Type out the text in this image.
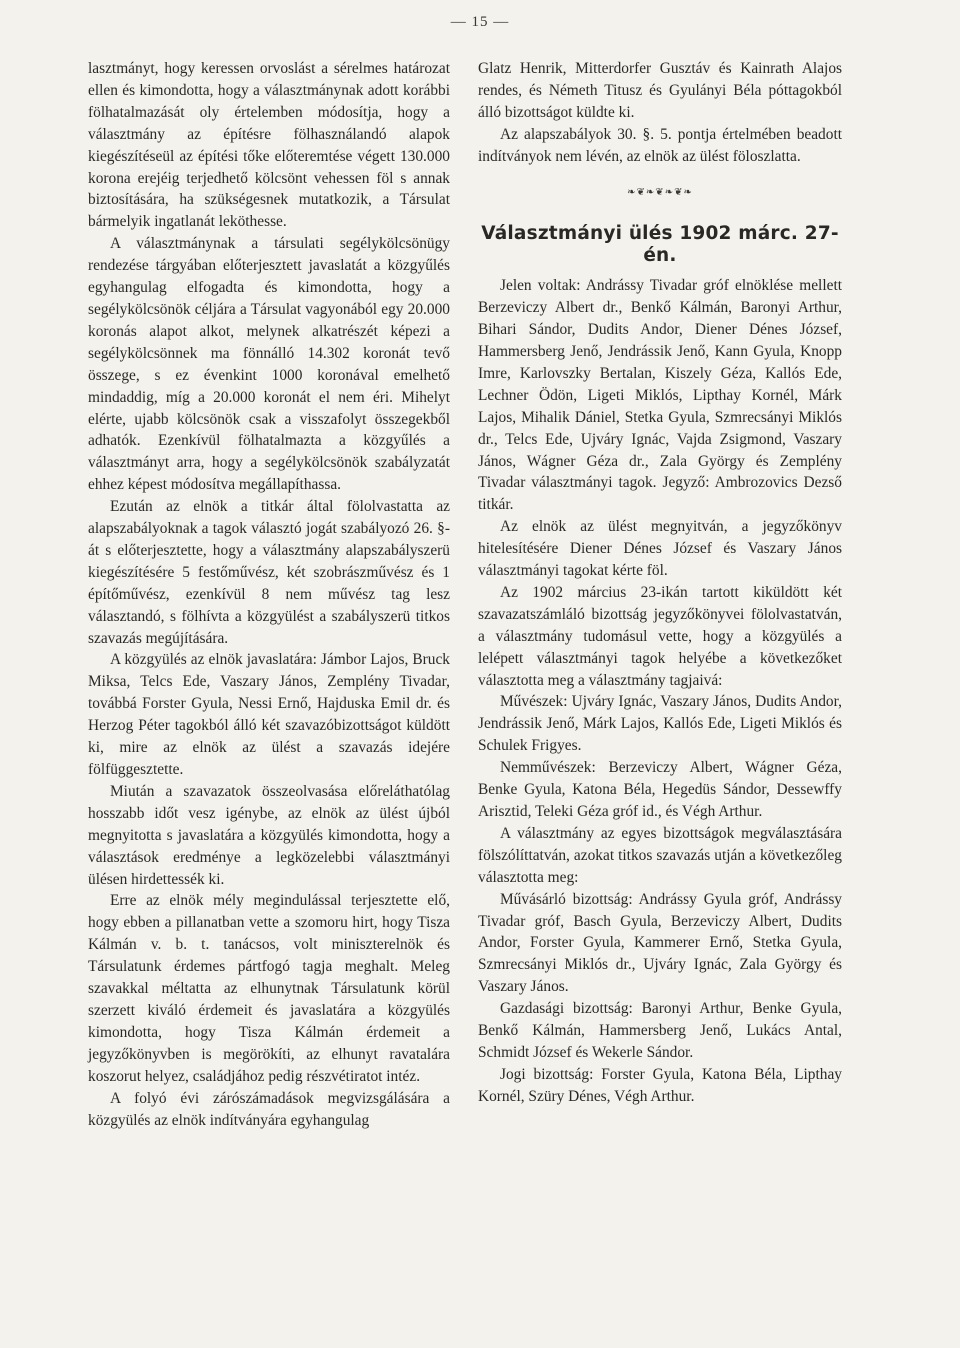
— 15 —

lasztmányt, hogy keressen orvoslást a sérelmes határozat ellen és kimondotta, hogy a választmánynak adott korábbi fölhatalmazását oly értelemben módosítja, hogy a választmány az építésre fölhasználandó alapok kiegészítéseül az építési tőke előteremtése végett 130.000 korona erejéig terjedhető kölcsönt vehessen föl s annak biztosítására, ha szükségesnek mutatkozik, a Társulat bármelyik ingatlanát leköthesse.

A választmánynak a társulati segélykölcsönügy rendezése tárgyában előterjesztett javaslatát a közgyűlés egyhangulag elfogadta és kimondotta, hogy a segélykölcsönök céljára a Társulat vagyonából egy 20.000 koronás alapot alkot, melynek alkatrészét képezi a segélykölcsönnek ma fönnálló 14.302 koronát tevő összege, s ez évenkint 1000 koronával emelhető mindaddig, míg a 20.000 koronát el nem éri. Mihelyt elérte, ujabb kölcsönök csak a visszafolyt összegekből adhatók. Ezenkívül fölhatalmazta a közgyűlés a választmányt arra, hogy a segélykölcsönök szabályzatát ehhez képest módosítva megállapíthassa.

Ezután az elnök a titkár által fölolvastatta az alapszabályoknak a tagok választó jogát szabályozó 26. §-át s előterjesztette, hogy a választmány alapszabályszerü kiegészítésére 5 festőművész, két szobrászművész és 1 építőművész, ezenkívül 8 nem művész tag lesz választandó, s fölhívta a közgyülést a szabályszerü titkos szavazás megújítására.

A közgyülés az elnök javaslatára: Jámbor Lajos, Bruck Miksa, Telcs Ede, Vaszary János, Zemplény Tivadar, továbbá Forster Gyula, Nessi Ernő, Hajduska Emil dr. és Herzog Péter tagokból álló két szavazóbizottságot küldött ki, mire az elnök az ülést a szavazás idejére fölfüggesztette.

Miután a szavazatok összeolvasása előreláthatólag hosszabb időt vesz igénybe, az elnök az ülést újból megnyitotta s javaslatára a közgyülés kimondotta, hogy a választások eredménye a legközelebbi választmányi ülésen hirdettessék ki.

Erre az elnök mély megindulással terjesztette elő, hogy ebben a pillanatban vette a szomoru hirt, hogy Tisza Kálmán v. b. t. tanácsos, volt miniszterelnök és Társulatunk érdemes pártfogó tagja meghalt. Meleg szavakkal méltatta az elhunytnak Társulatunk körül szerzett kiváló érdemeit és javaslatára a közgyülés kimondotta, hogy Tisza Kálmán érdemeit a jegyzőkönyvben is megörökíti, az elhunyt ravatalára koszorut helyez, családjához pedig részvétiratot intéz.

A folyó évi zárószámadások megvizsgálására a közgyülés az elnök indítványára egyhangulag

Glatz Henrik, Mitterdorfer Gusztáv és Kainrath Alajos rendes, és Németh Titusz és Gyulányi Béla póttagokból álló bizottságot küldte ki.

Az alapszabályok 30. §. 5. pontja értelmében beadott indítványok nem lévén, az elnök az ülést föloszlatta.

❧❦❧❦❧❦❧
Választmányi ülés 1902 márc. 27-én.

Jelen voltak: Andrássy Tivadar gróf elnöklése mellett Berzeviczy Albert dr., Benkő Kálmán, Baronyi Arthur, Bihari Sándor, Dudits Andor, Diener Dénes József, Hammersberg Jenő, Jendrássik Jenő, Kann Gyula, Knopp Imre, Karlovszky Bertalan, Kiszely Géza, Kallós Ede, Lechner Ödön, Ligeti Miklós, Lipthay Kornél, Márk Lajos, Mihalik Dániel, Stetka Gyula, Szmrecsányi Miklós dr., Telcs Ede, Ujváry Ignác, Vajda Zsigmond, Vaszary János, Wágner Géza dr., Zala György és Zemplény Tivadar választmányi tagok. Jegyző: Ambrozovics Dezső titkár.

Az elnök az ülést megnyitván, a jegyzőkönyv hitelesítésére Diener Dénes József és Vaszary János választmányi tagokat kérte föl.

Az 1902 március 23-ikán tartott kiküldött két szavazatszámláló bizottság jegyzőkönyvei fölolvastatván, a választmány tudomásul vette, hogy a közgyülés a lelépett választmányi tagok helyébe a következőket választotta meg a választmány tagjaivá:

Művészek: Ujváry Ignác, Vaszary János, Dudits Andor, Jendrássik Jenő, Márk Lajos, Kallós Ede, Ligeti Miklós és Schulek Frigyes.

Nemművészek: Berzeviczy Albert, Wágner Géza, Benke Gyula, Katona Béla, Hegedüs Sándor, Dessewffy Arisztid, Teleki Géza gróf id., és Végh Arthur.

A választmány az egyes bizottságok megválasztására fölszólíttatván, azokat titkos szavazás utján a következőleg választotta meg:

Művásárló bizottság: Andrássy Gyula gróf, Andrássy Tivadar gróf, Basch Gyula, Berzeviczy Albert, Dudits Andor, Forster Gyula, Kammerer Ernő, Stetka Gyula, Szmrecsányi Miklós dr., Ujváry Ignác, Zala György és Vaszary János.

Gazdasági bizottság: Baronyi Arthur, Benke Gyula, Benkő Kálmán, Hammersberg Jenő, Lukács Antal, Schmidt József és Wekerle Sándor.

Jogi bizottság: Forster Gyula, Katona Béla, Lipthay Kornél, Szüry Dénes, Végh Arthur.
